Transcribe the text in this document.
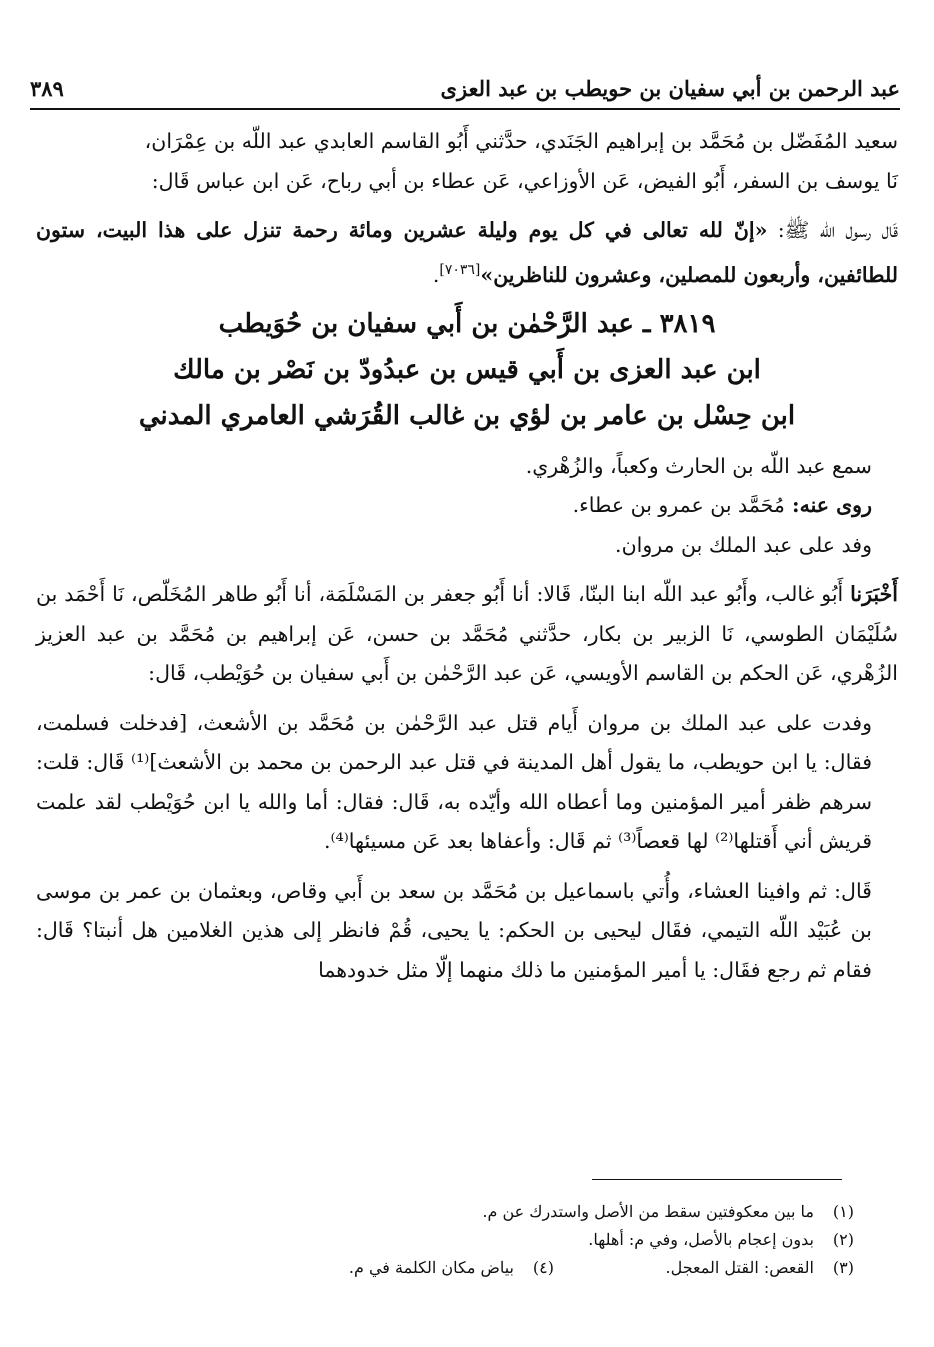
عبد الرحمن بن أبي سفيان بن حويطب بن عبد العزى
٣٨٩

سعيد المُفَضّل بن مُحَمَّد بن إبراهيم الجَنَدي، حدَّثني أَبُو القاسم العابدي عبد اللّه بن عِمْرَان،
نَا يوسف بن السفر، أَبُو الفيض، عَن الأوزاعي، عَن عطاء بن أبي رباح، عَن ابن عباس قَال:

قَال رسول الله ﷺ: «إنّ لله تعالى في كل يوم وليلة عشرين ومائة رحمة تنزل على هذا البيت، ستون للطائفين، وأربعون للمصلين، وعشرون للناظرين»[٧٠٣٦].

٣٨١٩ ـ عبد الرَّحْمٰن بن أَبي سفيان بن حُوَيطب
ابن عبد العزى بن أَبي قيس بن عبدُودّ بن نَصْر بن مالك
ابن حِسْل بن عامر بن لؤي بن غالب القُرَشي العامري المدني

سمع عبد اللّه بن الحارث وكعباً، والزُهْري.

روى عنه: مُحَمَّد بن عمرو بن عطاء.

وفد على عبد الملك بن مروان.

أَخْبَرَنا أَبُو غالب، وأَبُو عبد اللّه ابنا البنّا، قَالا: أنا أَبُو جعفر بن المَسْلَمَة، أنا أَبُو طاهر المُخَلّص، نَا أَحْمَد بن سُلَيْمَان الطوسي، نَا الزبير بن بكار، حدَّثني مُحَمَّد بن حسن، عَن إبراهيم بن مُحَمَّد بن عبد العزيز الزُهْري، عَن الحكم بن القاسم الأويسي، عَن عبد الرَّحْمٰن بن أَبي سفيان بن حُوَيْطب، قَال:

وفدت على عبد الملك بن مروان أَيام قتل عبد الرَّحْمٰن بن مُحَمَّد بن الأشعث، [فدخلت فسلمت، فقال: يا ابن حويطب، ما يقول أهل المدينة في قتل عبد الرحمن بن محمد بن الأشعث]⁽¹⁾ قَال: قلت: سرهم ظفر أمير المؤمنين وما أعطاه الله وأيّده به، قَال: فقال: أما والله يا ابن حُوَيْطب لقد علمت قريش أني أَقتلها⁽²⁾ لها قعصاً⁽³⁾ ثم قَال: وأعفاها بعد عَن مسيئها⁽⁴⁾.

قَال: ثم وافينا العشاء، وأُتي باسماعيل بن مُحَمَّد بن سعد بن أَبي وقاص، وبعثمان بن عمر بن موسى بن عُبَيْد اللّه التيمي، فقَال ليحيى بن الحكم: يا يحيى، قُمْ فانظر إلى هذين الغلامين هل أنبتا؟ قَال: فقام ثم رجع فقَال: يا أمير المؤمنين ما ذلك منهما إلّا مثل خدودهما

(١)
ما بين معكوفتين سقط من الأصل واستدرك عن م.
(٢)
بدون إعجام بالأصل، وفي م: أهلها.
(٣)
القعص: القتل المعجل.
(٤)
بياض مكان الكلمة في م.
